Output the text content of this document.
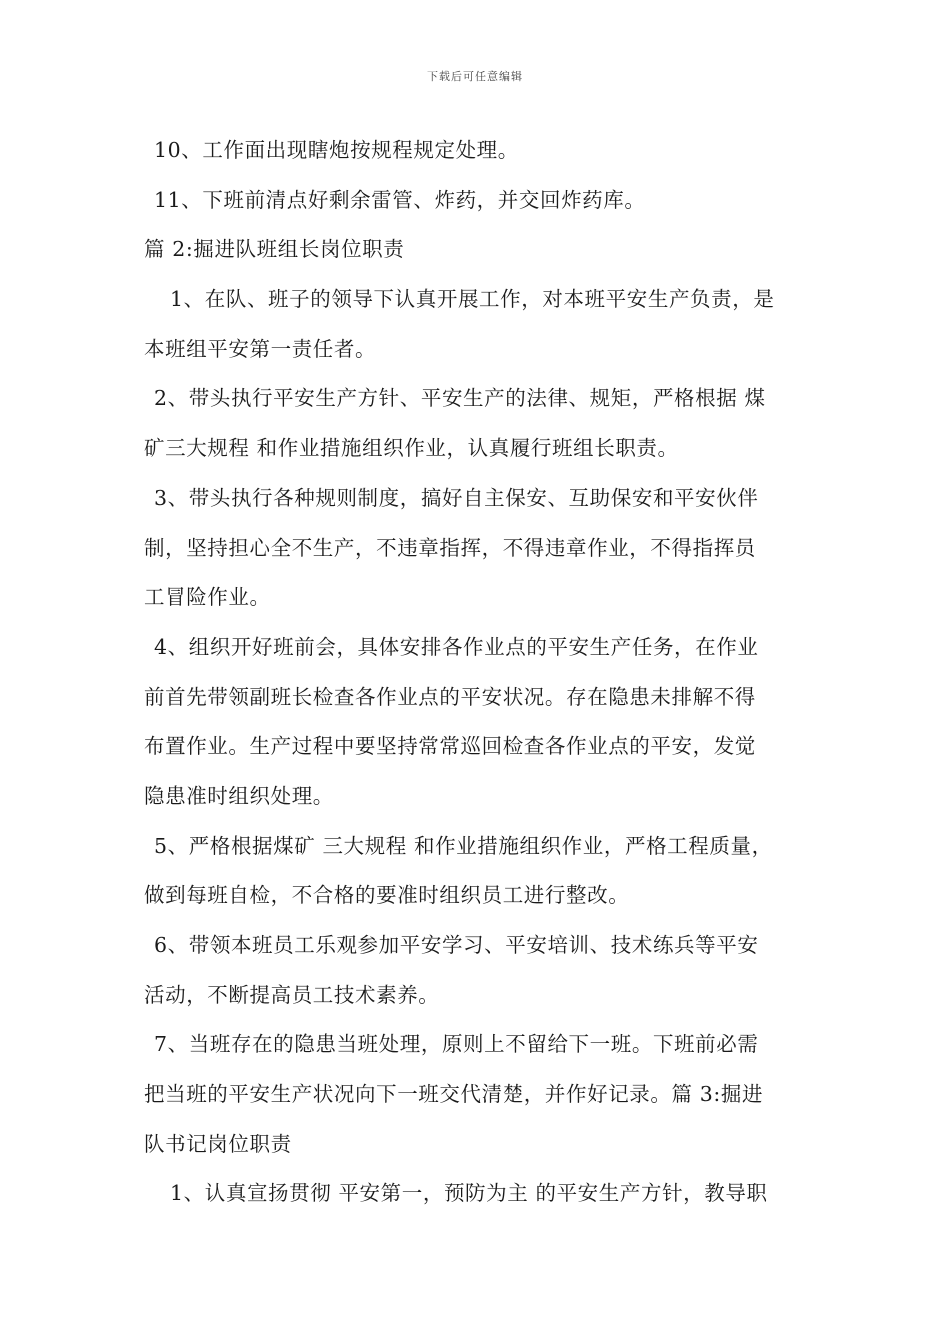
下载后可任意编辑
10、工作面出现瞎炮按规程规定处理。
11、下班前清点好剩余雷管、炸药，并交回炸药库。
篇 2:掘进队班组长岗位职责
1、在队、班子的领导下认真开展工作，对本班平安生产负责，是
本班组平安第一责任者。
2、带头执行平安生产方针、平安生产的法律、规矩，严格根据 煤
矿三大规程 和作业措施组织作业，认真履行班组长职责。
3、带头执行各种规则制度，搞好自主保安、互助保安和平安伙伴
制，坚持担心全不生产，不违章指挥，不得违章作业，不得指挥员
工冒险作业。
4、组织开好班前会，具体安排各作业点的平安生产任务，在作业
前首先带领副班长检查各作业点的平安状况。存在隐患未排解不得
布置作业。生产过程中要坚持常常巡回检查各作业点的平安，发觉
隐患准时组织处理。
5、严格根据煤矿 三大规程 和作业措施组织作业，严格工程质量，
做到每班自检，不合格的要准时组织员工进行整改。
6、带领本班员工乐观参加平安学习、平安培训、技术练兵等平安
活动，不断提高员工技术素养。
7、当班存在的隐患当班处理，原则上不留给下一班。下班前必需
把当班的平安生产状况向下一班交代清楚，并作好记录。篇 3:掘进
队书记岗位职责
1、认真宣扬贯彻 平安第一，预防为主 的平安生产方针，教导职
